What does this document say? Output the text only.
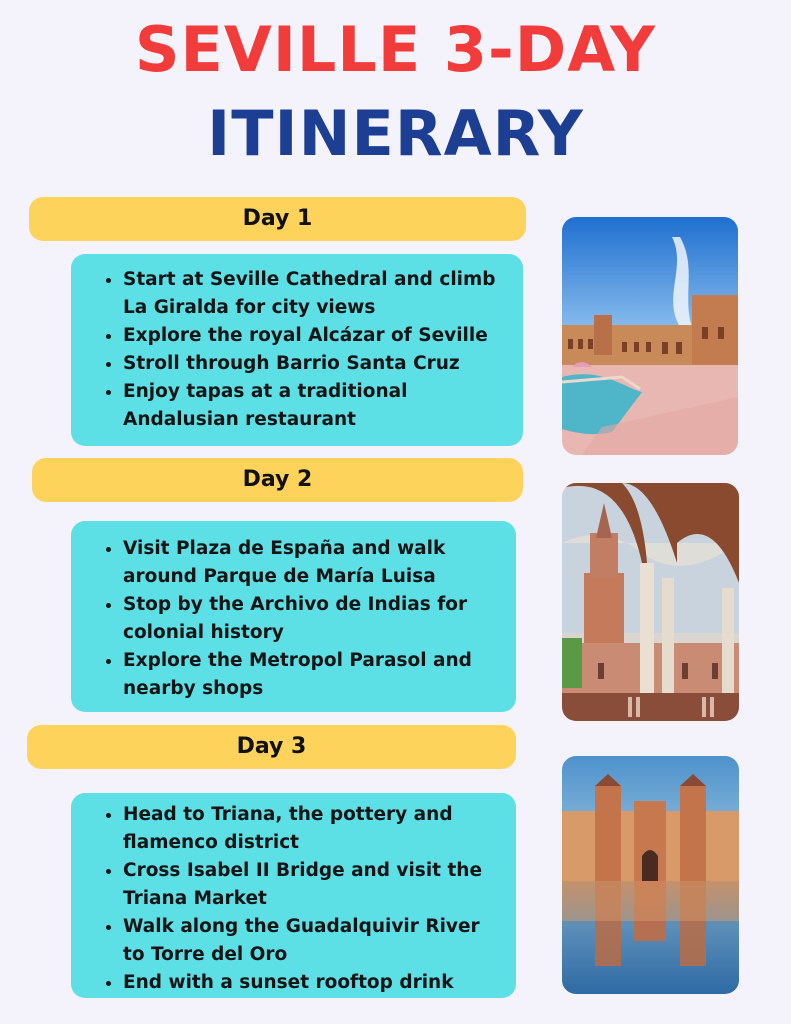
SEVILLE 3-DAY
ITINERARY
Day 1
• Start at Seville Cathedral and climb La Giralda for city views
• Explore the royal Alcázar of Seville
• Stroll through Barrio Santa Cruz
• Enjoy tapas at a traditional Andalusian restaurant
Day 2
• Visit Plaza de España and walk around Parque de María Luisa
• Stop by the Archivo de Indias for colonial history
• Explore the Metropol Parasol and nearby shops
Day 3
• Head to Triana, the pottery and flamenco district
• Cross Isabel II Bridge and visit the Triana Market
• Walk along the Guadalquivir River to Torre del Oro
• End with a sunset rooftop drink
